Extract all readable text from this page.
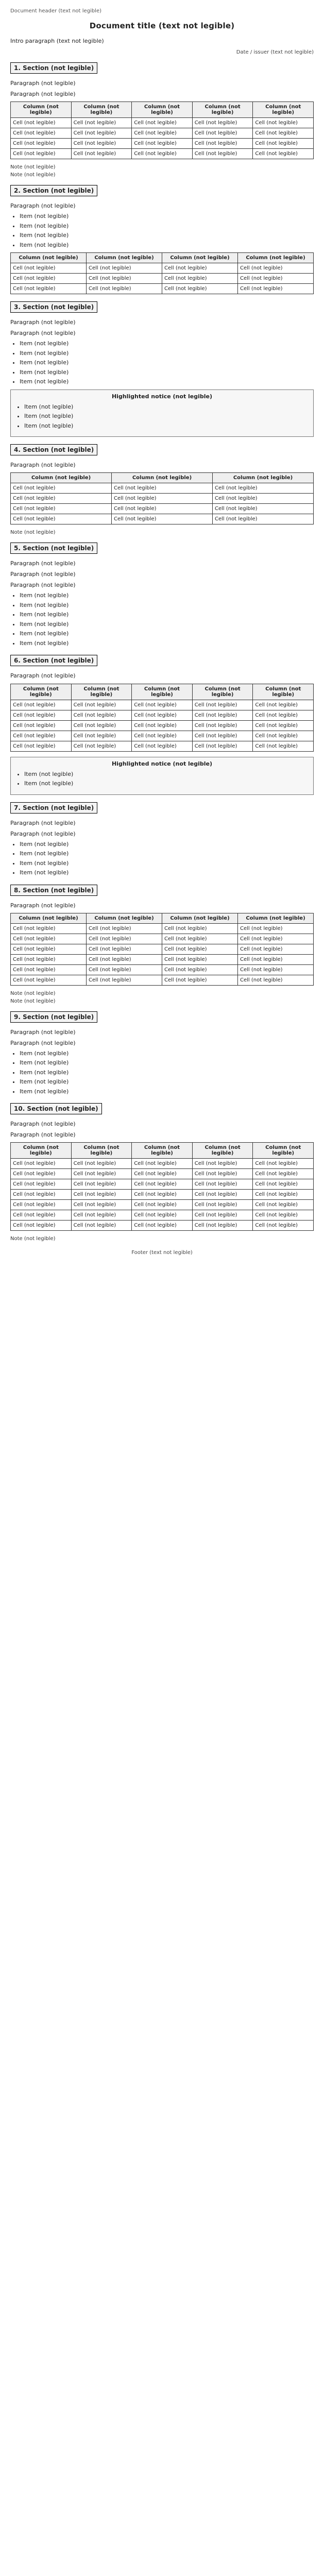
Document header (text not legible)
Document title (text not legible)
Intro paragraph (text not legible)
Date / issuer (text not legible)
1. Section (not legible)
Paragraph (not legible)
Paragraph (not legible)
Column (not legible)	Column (not legible)	Column (not legible)	Column (not legible)	Column (not legible)
Cell (not legible)	Cell (not legible)	Cell (not legible)	Cell (not legible)	Cell (not legible)
Cell (not legible)	Cell (not legible)	Cell (not legible)	Cell (not legible)	Cell (not legible)
Cell (not legible)	Cell (not legible)	Cell (not legible)	Cell (not legible)	Cell (not legible)
Cell (not legible)	Cell (not legible)	Cell (not legible)	Cell (not legible)	Cell (not legible)
Note (not legible)
Note (not legible)
2. Section (not legible)
Paragraph (not legible)
• Item (not legible)
• Item (not legible)
• Item (not legible)
• Item (not legible)
Column (not legible)	Column (not legible)	Column (not legible)	Column (not legible)
Cell (not legible)	Cell (not legible)	Cell (not legible)	Cell (not legible)
Cell (not legible)	Cell (not legible)	Cell (not legible)	Cell (not legible)
Cell (not legible)	Cell (not legible)	Cell (not legible)	Cell (not legible)
3. Section (not legible)
Paragraph (not legible)
Paragraph (not legible)
• Item (not legible)
• Item (not legible)
• Item (not legible)
• Item (not legible)
• Item (not legible)
Highlighted notice (not legible)
• Item (not legible)
• Item (not legible)
• Item (not legible)
4. Section (not legible)
Paragraph (not legible)
Column (not legible)	Column (not legible)	Column (not legible)
Cell (not legible)	Cell (not legible)	Cell (not legible)
Cell (not legible)	Cell (not legible)	Cell (not legible)
Cell (not legible)	Cell (not legible)	Cell (not legible)
Cell (not legible)	Cell (not legible)	Cell (not legible)
Note (not legible)
5. Section (not legible)
Paragraph (not legible)
Paragraph (not legible)
Paragraph (not legible)
• Item (not legible)
• Item (not legible)
• Item (not legible)
• Item (not legible)
• Item (not legible)
• Item (not legible)
6. Section (not legible)
Paragraph (not legible)
Column (not legible)	Column (not legible)	Column (not legible)	Column (not legible)	Column (not legible)
Cell (not legible)	Cell (not legible)	Cell (not legible)	Cell (not legible)	Cell (not legible)
Cell (not legible)	Cell (not legible)	Cell (not legible)	Cell (not legible)	Cell (not legible)
Cell (not legible)	Cell (not legible)	Cell (not legible)	Cell (not legible)	Cell (not legible)
Cell (not legible)	Cell (not legible)	Cell (not legible)	Cell (not legible)	Cell (not legible)
Cell (not legible)	Cell (not legible)	Cell (not legible)	Cell (not legible)	Cell (not legible)
Highlighted notice (not legible)
• Item (not legible)
• Item (not legible)
7. Section (not legible)
Paragraph (not legible)
Paragraph (not legible)
• Item (not legible)
• Item (not legible)
• Item (not legible)
• Item (not legible)
8. Section (not legible)
Paragraph (not legible)
Column (not legible)	Column (not legible)	Column (not legible)	Column (not legible)
Cell (not legible)	Cell (not legible)	Cell (not legible)	Cell (not legible)
Cell (not legible)	Cell (not legible)	Cell (not legible)	Cell (not legible)
Cell (not legible)	Cell (not legible)	Cell (not legible)	Cell (not legible)
Cell (not legible)	Cell (not legible)	Cell (not legible)	Cell (not legible)
Cell (not legible)	Cell (not legible)	Cell (not legible)	Cell (not legible)
Cell (not legible)	Cell (not legible)	Cell (not legible)	Cell (not legible)
Note (not legible)
Note (not legible)
9. Section (not legible)
Paragraph (not legible)
Paragraph (not legible)
• Item (not legible)
• Item (not legible)
• Item (not legible)
• Item (not legible)
• Item (not legible)
10. Section (not legible)
Paragraph (not legible)
Paragraph (not legible)
Column (not legible)	Column (not legible)	Column (not legible)	Column (not legible)	Column (not legible)
Cell (not legible)	Cell (not legible)	Cell (not legible)	Cell (not legible)	Cell (not legible)
Cell (not legible)	Cell (not legible)	Cell (not legible)	Cell (not legible)	Cell (not legible)
Cell (not legible)	Cell (not legible)	Cell (not legible)	Cell (not legible)	Cell (not legible)
Cell (not legible)	Cell (not legible)	Cell (not legible)	Cell (not legible)	Cell (not legible)
Cell (not legible)	Cell (not legible)	Cell (not legible)	Cell (not legible)	Cell (not legible)
Cell (not legible)	Cell (not legible)	Cell (not legible)	Cell (not legible)	Cell (not legible)
Cell (not legible)	Cell (not legible)	Cell (not legible)	Cell (not legible)	Cell (not legible)
Note (not legible)
Footer (text not legible)
